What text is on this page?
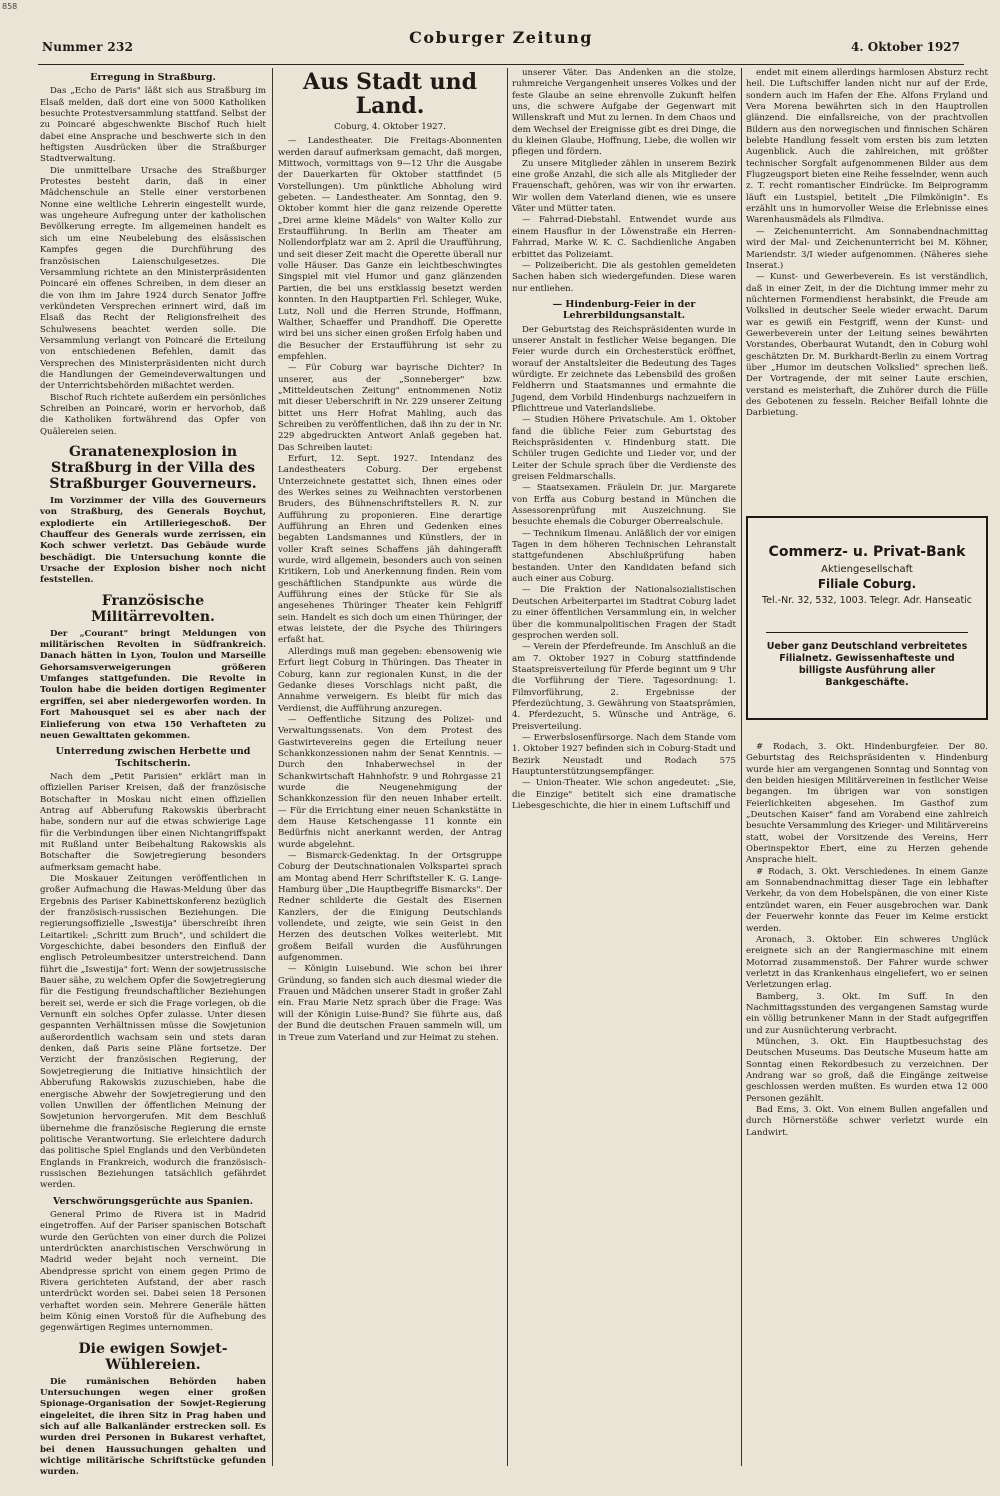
858
Nummer 232	Coburger Zeitung	4. Oktober 1927
Erregung in Straßburg.

Das „Echo de Paris" läßt sich aus Straßburg im Elsaß melden, daß dort eine von 5000 Katholiken besuchte Protestversammlung stattfand. Selbst der zu Poincaré abgeschwenkte Bischof Ruch hielt dabei eine Ansprache und beschwerte sich in den heftigsten Ausdrücken über die Straßburger Stadtverwaltung.

Die unmittelbare Ursache des Straßburger Protestes besteht darin, daß in einer Mädchenschule an Stelle einer verstorbenen Nonne eine weltliche Lehrerin eingestellt wurde, was ungeheure Aufregung unter der katholischen Bevölkerung erregte. Im allgemeinen handelt es sich um eine Neubelebung des elsässischen Kampfes gegen die Durchführung des französischen Laienschulgesetzes. Die Versammlung richtete an den Ministerpräsidenten Poincaré ein offenes Schreiben, in dem dieser an die von ihm im Jahre 1924 durch Senator Joffre verkündeten Versprechen erinnert wird, daß im Elsaß das Recht der Religionsfreiheit des Schulwesens beachtet werden solle. Die Versammlung verlangt von Poincaré die Erteilung von entschiedenen Befehlen, damit das Versprechen des Ministerpräsidenten nicht durch die Handlungen der Gemeindeverwaltungen und der Unterrichtsbehörden mißachtet werden.

Bischof Ruch richtete außerdem ein persönliches Schreiben an Poincaré, worin er hervorhob, daß die Katholiken fortwährend das Opfer von Quälereien seien.

Granatenexplosion in Straßburg in der Villa des Straßburger Gouverneurs.

Im Vorzimmer der Villa des Gouverneurs von Straßburg, des Generals Boychut, explodierte ein Artilleriegeschoß. Der Chauffeur des Generals wurde zerrissen, ein Koch schwer verletzt. Das Gebäude wurde beschädigt. Die Untersuchung konnte die Ursache der Explosion bisher noch nicht feststellen.

Französische Militärrevolten.

Der „Courant" bringt Meldungen von militärischen Revolten in Südfrankreich. Danach hätten in Lyon, Toulon und Marseille Gehorsamsverweigerungen größeren Umfanges stattgefunden. Die Revolte in Toulon habe die beiden dortigen Regimenter ergriffen, sei aber niedergeworfen worden. In Fort Mahousquet sei es aber nach der Einlieferung von etwa 150 Verhafteten zu neuen Gewalttaten gekommen.

Unterredung zwischen Herbette und Tschitscherin.

Nach dem „Petit Parisien" erklärt man in offiziellen Pariser Kreisen, daß der französische Botschafter in Moskau nicht einen offiziellen Antrag auf Abberufung Rakowskis überbracht habe, sondern nur auf die etwas schwierige Lage für die Verbindungen über einen Nichtangriffspakt mit Rußland unter Beibehaltung Rakowskis als Botschafter die Sowjetregierung besonders aufmerksam gemacht habe.

Die Moskauer Zeitungen veröffentlichen in großer Aufmachung die Hawas-Meldung über das Ergebnis des Pariser Kabinettskonferenz bezüglich der französisch-russischen Beziehungen. Die regierungsoffizielle „Iswestija" überschreibt ihren Leitartikel: „Schritt zum Bruch", und schildert die Vorgeschichte, dabei besonders den Einfluß der englisch Petroleumbesitzer unterstreichend. Dann führt die „Iswestija" fort: Wenn der sowjetrussische Bauer sähe, zu welchem Opfer die Sowjetregierung für die Festigung freundschaftlicher Beziehungen bereit sei, werde er sich die Frage vorlegen, ob die Vernunft ein solches Opfer zulasse. Unter diesen gespannten Verhältnissen müsse die Sowjetunion außerordentlich wachsam sein und stets daran denken, daß Paris seine Pläne fortsetze. Der Verzicht der französischen Regierung, der Sowjetregierung die Initiative hinsichtlich der Abberufung Rakowskis zuzuschieben, habe die energische Abwehr der Sowjetregierung und den vollen Unwillen der öffentlichen Meinung der Sowjetunion hervorgerufen. Mit dem Beschluß übernehme die französische Regierung die ernste politische Verantwortung. Sie erleichtere dadurch das politische Spiel Englands und den Verbündeten Englands in Frankreich, wodurch die französisch-russischen Beziehungen tatsächlich gefährdet werden.

Verschwörungsgerüchte aus Spanien.

General Primo de Rivera ist in Madrid eingetroffen. Auf der Pariser spanischen Botschaft wurde den Gerüchten von einer durch die Polizei unterdrückten anarchistischen Verschwörung in Madrid weder bejaht noch verneint. Die Abendpresse spricht von einem gegen Primo de Rivera gerichteten Aufstand, der aber rasch unterdrückt worden sei. Dabei seien 18 Personen verhaftet worden sein. Mehrere Generäle hätten beim König einen Vorstoß für die Aufhebung des gegenwärtigen Regimes unternommen.

Die ewigen Sowjet-Wühlereien.

Die rumänischen Behörden haben Untersuchungen wegen einer großen Spionage-Organisation der Sowjet-Regierung eingeleitet, die ihren Sitz in Prag haben und sich auf alle Balkanländer erstrecken soll. Es wurden drei Personen in Bukarest verhaftet, bei denen Haussuchungen gehalten und wichtige militärische Schriftstücke gefunden wurden.

Aus Stadt und Land.
Coburg, 4. Oktober 1927.

— Landestheater. Die Freitags-Abonnenten werden darauf aufmerksam gemacht, daß morgen, Mittwoch, vormittags von 9—12 Uhr die Ausgabe der Dauerkarten für Oktober stattfindet (5 Vorstellungen). Um pünktliche Abholung wird gebeten. — Landestheater. Am Sonntag, den 9. Oktober kommt hier die ganz reizende Operette „Drei arme kleine Mädels" von Walter Kollo zur Erstaufführung. In Berlin am Theater am Nollendorfplatz war am 2. April die Uraufführung, und seit dieser Zeit macht die Operette überall nur volle Häuser. Das Ganze ein leichtbeschwingtes Singspiel mit viel Humor und ganz glänzenden Partien, die bei uns erstklassig besetzt werden konnten. In den Hauptpartien Frl. Schleger, Wuke, Lutz, Noll und die Herren Strunde, Hoffmann, Walther, Schaeffer und Prandhoff. Die Operette wird bei uns sicher einen großen Erfolg haben und die Besucher der Erstaufführung ist sehr zu empfehlen.

— Für Coburg war bayrische Dichter? In unserer, aus der „Sonneberger" bzw. „Mitteldeutschen Zeitung" entnommenen Notiz mit dieser Ueberschrift in Nr. 229 unserer Zeitung bittet uns Herr Hofrat Mahling, auch das Schreiben zu veröffentlichen, daß ihn zu der in Nr. 229 abgedruckten Antwort Anlaß gegeben hat. Das Schreiben lautet:

Erfurt, 12. Sept. 1927. Intendanz des Landestheaters Coburg. Der ergebenst Unterzeichnete gestattet sich, Ihnen eines oder des Werkes seines zu Weihnachten verstorbenen Bruders, des Bühnenschriftstellers R. N. zur Aufführung zu proponieren. Eine derartige Aufführung an Ehren und Gedenken eines begabten Landsmannes und Künstlers, der in voller Kraft seines Schaffens jäh dahingerafft wurde, wird allgemein, besonders auch von seinen Kritikern, Lob und Anerkennung finden. Rein vom geschäftlichen Standpunkte aus würde die Aufführung eines der Stücke für Sie als angesehenes Thüringer Theater kein Fehlgriff sein. Handelt es sich doch um einen Thüringer, der etwas leistete, der die Psyche des Thüringers erfaßt hat.

Allerdings muß man gegeben: ebensowenig wie Erfurt liegt Coburg in Thüringen. Das Theater in Coburg, kann zur regionalen Kunst, in die der Gedanke dieses Vorschlags nicht paßt, die Annahme verweigern. Es bleibt für mich das Verdienst, die Aufführung anzuregen.

— Oeffentliche Sitzung des Polizei- und Verwaltungssenats. Von dem Protest des Gastwirtevereins gegen die Erteilung neuer Schankkonzessionen nahm der Senat Kenntnis. — Durch den Inhaberwechsel in der Schankwirtschaft Hahnhofstr. 9 und Rohrgasse 21 wurde die Neugenehmigung der Schankkonzession für den neuen Inhaber erteilt. — Für die Errichtung einer neuen Schankstätte in dem Hause Ketschengasse 11 konnte ein Bedürfnis nicht anerkannt werden, der Antrag wurde abgelehnt.

— Bismarck-Gedenktag. In der Ortsgruppe Coburg der Deutschnationalen Volkspartei sprach am Montag abend Herr Schriftsteller K. G. Lange-Hamburg über „Die Hauptbegriffe Bismarcks". Der Redner schilderte die Gestalt des Eisernen Kanzlers, der die Einigung Deutschlands vollendete, und zeigte, wie sein Geist in den Herzen des deutschen Volkes weiterlebt. Mit großem Beifall wurden die Ausführungen aufgenommen.

— Königin Luisebund. Wie schon bei ihrer Gründung, so fanden sich auch diesmal wieder die Frauen und Mädchen unserer Stadt in großer Zahl ein. Frau Marie Netz sprach über die Frage: Was will der Königin Luise-Bund? Sie führte aus, daß der Bund die deutschen Frauen sammeln will, um in Treue zum Vaterland und zur Heimat zu stehen.

unserer Väter. Das Andenken an die stolze, ruhmreiche Vergangenheit unseres Volkes und der feste Glaube an seine ehrenvolle Zukunft helfen uns, die schwere Aufgabe der Gegenwart mit Willenskraft und Mut zu lernen. In dem Chaos und dem Wechsel der Ereignisse gibt es drei Dinge, die du kleinen Glaube, Hoffnung, Liebe, die wollen wir pflegen und fördern.

Zu unsere Mitglieder zählen in unserem Bezirk eine große Anzahl, die sich alle als Mitglieder der Frauenschaft, gehören, was wir von ihr erwarten. Wir wollen dem Vaterland dienen, wie es unsere Väter und Mütter taten.

— Fahrrad-Diebstahl. Entwendet wurde aus einem Hausflur in der Löwenstraße ein Herren-Fahrrad, Marke W. K. C. Sachdienliche Angaben erbittet das Polizeiamt.

— Polizeibericht. Die als gestohlen gemeldeten Sachen haben sich wiedergefunden. Diese waren nur entliehen.

— Hindenburg-Feier in der Lehrerbildungsanstalt.

Der Geburtstag des Reichspräsidenten wurde in unserer Anstalt in festlicher Weise begangen. Die Feier wurde durch ein Orchesterstück eröffnet, worauf der Anstaltsleiter die Bedeutung des Tages würdigte. Er zeichnete das Lebensbild des großen Feldherrn und Staatsmannes und ermahnte die Jugend, dem Vorbild Hindenburgs nachzueifern in Pflichttreue und Vaterlandsliebe.

— Studien Höhere Privatschule. Am 1. Oktober fand die übliche Feier zum Geburtstag des Reichspräsidenten v. Hindenburg statt. Die Schüler trugen Gedichte und Lieder vor, und der Leiter der Schule sprach über die Verdienste des greisen Feldmarschalls.

— Staatsexamen. Fräulein Dr. jur. Margarete von Erffa aus Coburg bestand in München die Assessorenprüfung mit Auszeichnung. Sie besuchte ehemals die Coburger Oberrealschule.

— Technikum Ilmenau. Anläßlich der vor einigen Tagen in dem höheren Technischen Lehranstalt stattgefundenen Abschlußprüfung haben bestanden. Unter den Kandidaten befand sich auch einer aus Coburg.

— Die Fraktion der Nationalsozialistischen Deutschen Arbeiterpartei im Stadtrat Coburg ladet zu einer öffentlichen Versammlung ein, in welcher über die kommunalpolitischen Fragen der Stadt gesprochen werden soll.

— Verein der Pferdefreunde. Im Anschluß an die am 7. Oktober 1927 in Coburg stattfindende Staatspreisverteilung für Pferde beginnt um 9 Uhr die Vorführung der Tiere. Tagesordnung: 1. Filmvorführung, 2. Ergebnisse der Pferdezüchtung, 3. Gewährung von Staatsprämien, 4. Pferdezucht, 5. Wünsche und Anträge, 6. Preisverteilung.

— Erwerbslosenfürsorge. Nach dem Stande vom 1. Oktober 1927 befinden sich in Coburg-Stadt und Bezirk Neustadt und Rodach 575 Hauptunterstützungsempfänger.

— Union-Theater. Wie schon angedeutet: „Sie, die Einzige" betitelt sich eine dramatische Liebesgeschichte, die hier in einem Luftschiff und

endet mit einem allerdings harmlosen Absturz recht heil. Die Luftschiffer landen nicht nur auf der Erde, sondern auch im Hafen der Ehe. Alfons Fryland und Vera Morena bewährten sich in den Hauptrollen glänzend. Die einfallsreiche, von der prachtvollen Bildern aus den norwegischen und finnischen Schären belebte Handlung fesselt vom ersten bis zum letzten Augenblick. Auch die zahlreichen, mit größter technischer Sorgfalt aufgenommenen Bilder aus dem Flugzeugsport bieten eine Reihe fesselnder, wenn auch z. T. recht romantischer Eindrücke. Im Beiprogramm läuft ein Lustspiel, betitelt „Die Filmkönigin". Es erzählt uns in humorvoller Weise die Erlebnisse eines Warenhausmädels als Filmdiva.

— Zeichenunterricht. Am Sonnabendnachmittag wird der Mal- und Zeichenunterricht bei M. Köhner, Mariendstr. 3/I wieder aufgenommen. (Näheres siehe Inserat.)

— Kunst- und Gewerbeverein. Es ist verständlich, daß in einer Zeit, in der die Dichtung immer mehr zu nüchternen Formendienst herabsinkt, die Freude am Volkslied in deutscher Seele wieder erwacht. Darum war es gewiß ein Festgriff, wenn der Kunst- und Gewerbeverein unter der Leitung seines bewährten Vorstandes, Oberbaurat Wutandt, den in Coburg wohl geschätzten Dr. M. Burkhardt-Berlin zu einem Vortrag über „Humor im deutschen Volkslied" sprechen ließ. Der Vortragende, der mit seiner Laute erschien, verstand es meisterhaft, die Zuhörer durch die Fülle des Gebotenen zu fesseln. Reicher Beifall lohnte die Darbietung.

Commerz- u. Privat-Bank
Aktiengesellschaft
Filiale Coburg.
Tel.-Nr. 32, 532, 1003. Telegr. Adr. Hanseatic
Ueber ganz Deutschland verbreitetes Filialnetz. Gewissenhafteste und billigste Ausführung aller Bankgeschäfte.

# Rodach, 3. Okt. Hindenburgfeier. Der 80. Geburtstag des Reichspräsidenten v. Hindenburg wurde hier am vergangenen Sonntag und Sonntag von den beiden hiesigen Militärvereinen in festlicher Weise begangen. Im übrigen war von sonstigen Feierlichkeiten abgesehen. Im Gasthof zum „Deutschen Kaiser" fand am Vorabend eine zahlreich besuchte Versammlung des Krieger- und Militärvereins statt, wobei der Vorsitzende des Vereins, Herr Oberinspektor Ebert, eine zu Herzen gehende Ansprache hielt.

# Rodach, 3. Okt. Verschiedenes. In einem Ganze am Sonnabendnachmittag dieser Tage ein lebhafter Verkehr, da von dem Hobelspänen, die von einer Kiste entzündet waren, ein Feuer ausgebrochen war. Dank der Feuerwehr konnte das Feuer im Keime erstickt werden.

Aronach, 3. Oktober. Ein schweres Unglück ereignete sich an der Rangiermaschine mit einem Motorrad zusammenstoß. Der Fahrer wurde schwer verletzt in das Krankenhaus eingeliefert, wo er seinen Verletzungen erlag.

Bamberg, 3. Okt. Im Suff. In den Nachmittagsstunden des vergangenen Samstag wurde ein völlig betrunkener Mann in der Stadt aufgegriffen und zur Ausnüchterung verbracht.

München, 3. Okt. Ein Hauptbesuchstag des Deutschen Museums. Das Deutsche Museum hatte am Sonntag einen Rekordbesuch zu verzeichnen. Der Andrang war so groß, daß die Eingänge zeitweise geschlossen werden mußten. Es wurden etwa 12 000 Personen gezählt.

Bad Ems, 3. Okt. Von einem Bullen angefallen und durch Hörnerstöße schwer verletzt wurde ein Landwirt.
